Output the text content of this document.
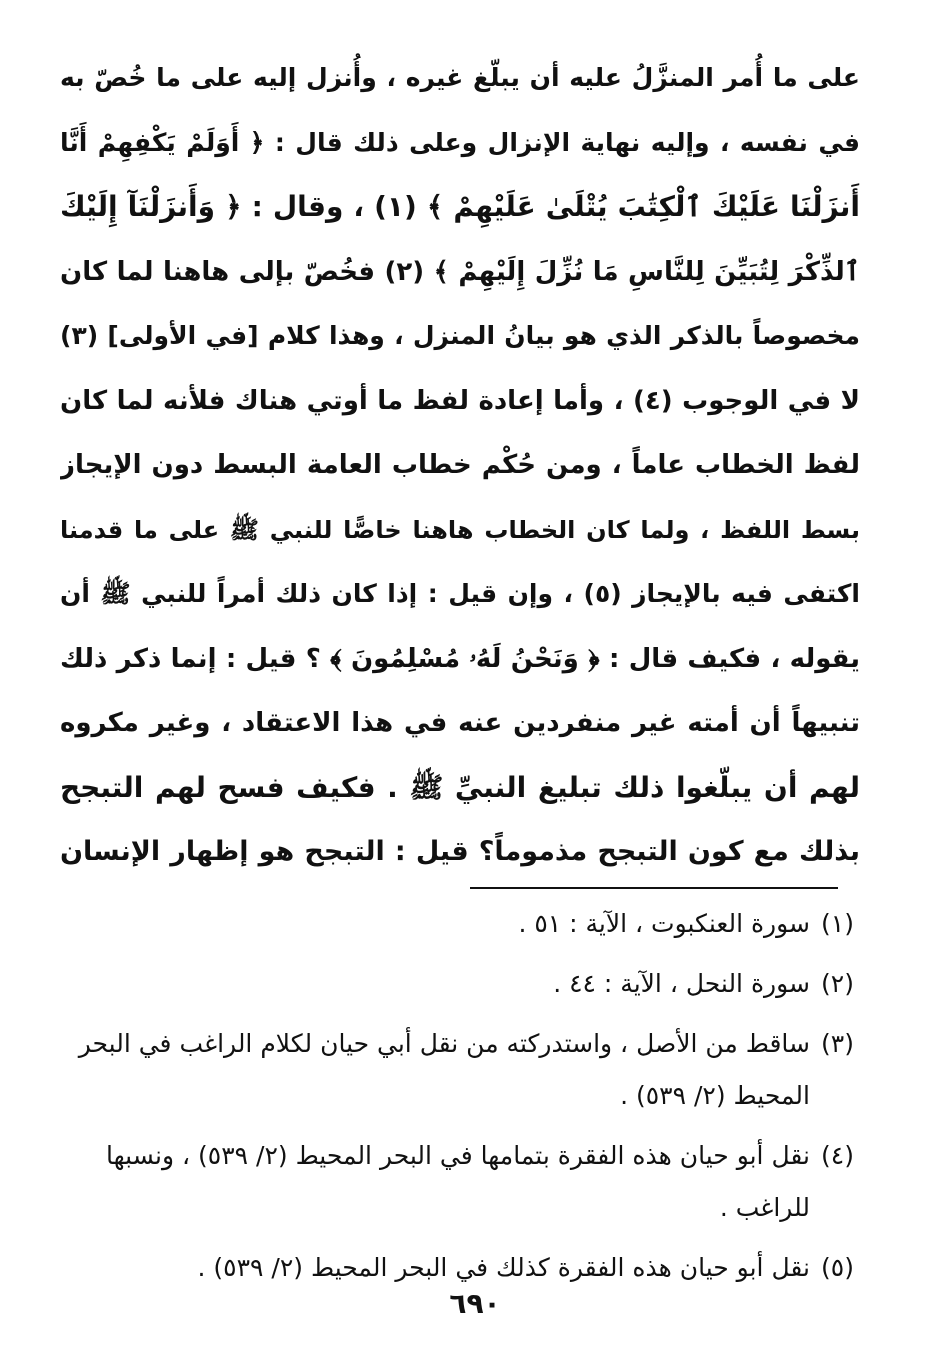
على ما أُمر المنزَّلُ عليه أن يبلّغ غيره ، وأُنزل إليه على ما خُصّ به
في نفسه ، وإليه نهاية الإنزال وعلى ذلك قال : ﴿ أَوَلَمْ يَكْفِهِمْ أَنَّا
أَنزَلْنَا عَلَيْكَ ٱلْكِتَٰبَ يُتْلَىٰ عَلَيْهِمْ ﴾ (١) ، وقال : ﴿ وَأَنزَلْنَآ إِلَيْكَ
ٱلذِّكْرَ لِتُبَيِّنَ لِلنَّاسِ مَا نُزِّلَ إِلَيْهِمْ ﴾ (٢) فخُصّ بإلى هاهنا لما كان
مخصوصاً بالذكر الذي هو بيانُ المنزل ، وهذا كلام [في الأولى] (٣)
لا في الوجوب (٤) ، وأما إعادة لفظ ما أوتي هناك فلأنه لما كان
لفظ الخطاب عاماً ، ومن حُكْم خطاب العامة البسط دون الإيجاز
بسط اللفظ ، ولما كان الخطاب هاهنا خاصًّا للنبي ﷺ على ما قدمنا
اكتفى فيه بالإيجاز (٥) ، وإن قيل : إذا كان ذلك أمراً للنبي ﷺ أن
يقوله ، فكيف قال : ﴿ وَنَحْنُ لَهُۥ مُسْلِمُونَ ﴾ ؟ قيل : إنما ذكر ذلك
تنبيهاً أن أمته غير منفردين عنه في هذا الاعتقاد ، وغير مكروه
لهم أن يبلّغوا ذلك تبليغ النبيِّ ﷺ . فكيف فسح لهم التبجح
بذلك مع كون التبجح مذموماً؟ قيل : التبجح هو إظهار الإنسان
(١)
سورة العنكبوت ، الآية : ٥١ .
(٢)
سورة النحل ، الآية : ٤٤ .
(٣)
ساقط من الأصل ، واستدركته من نقل أبي حيان لكلام الراغب في البحر
المحيط (٢/ ٥٣٩) .
(٤)
نقل أبو حيان هذه الفقرة بتمامها في البحر المحيط (٢/ ٥٣٩) ، ونسبها
للراغب .
(٥)
نقل أبو حيان هذه الفقرة كذلك في البحر المحيط (٢/ ٥٣٩) .
٦٩٠
